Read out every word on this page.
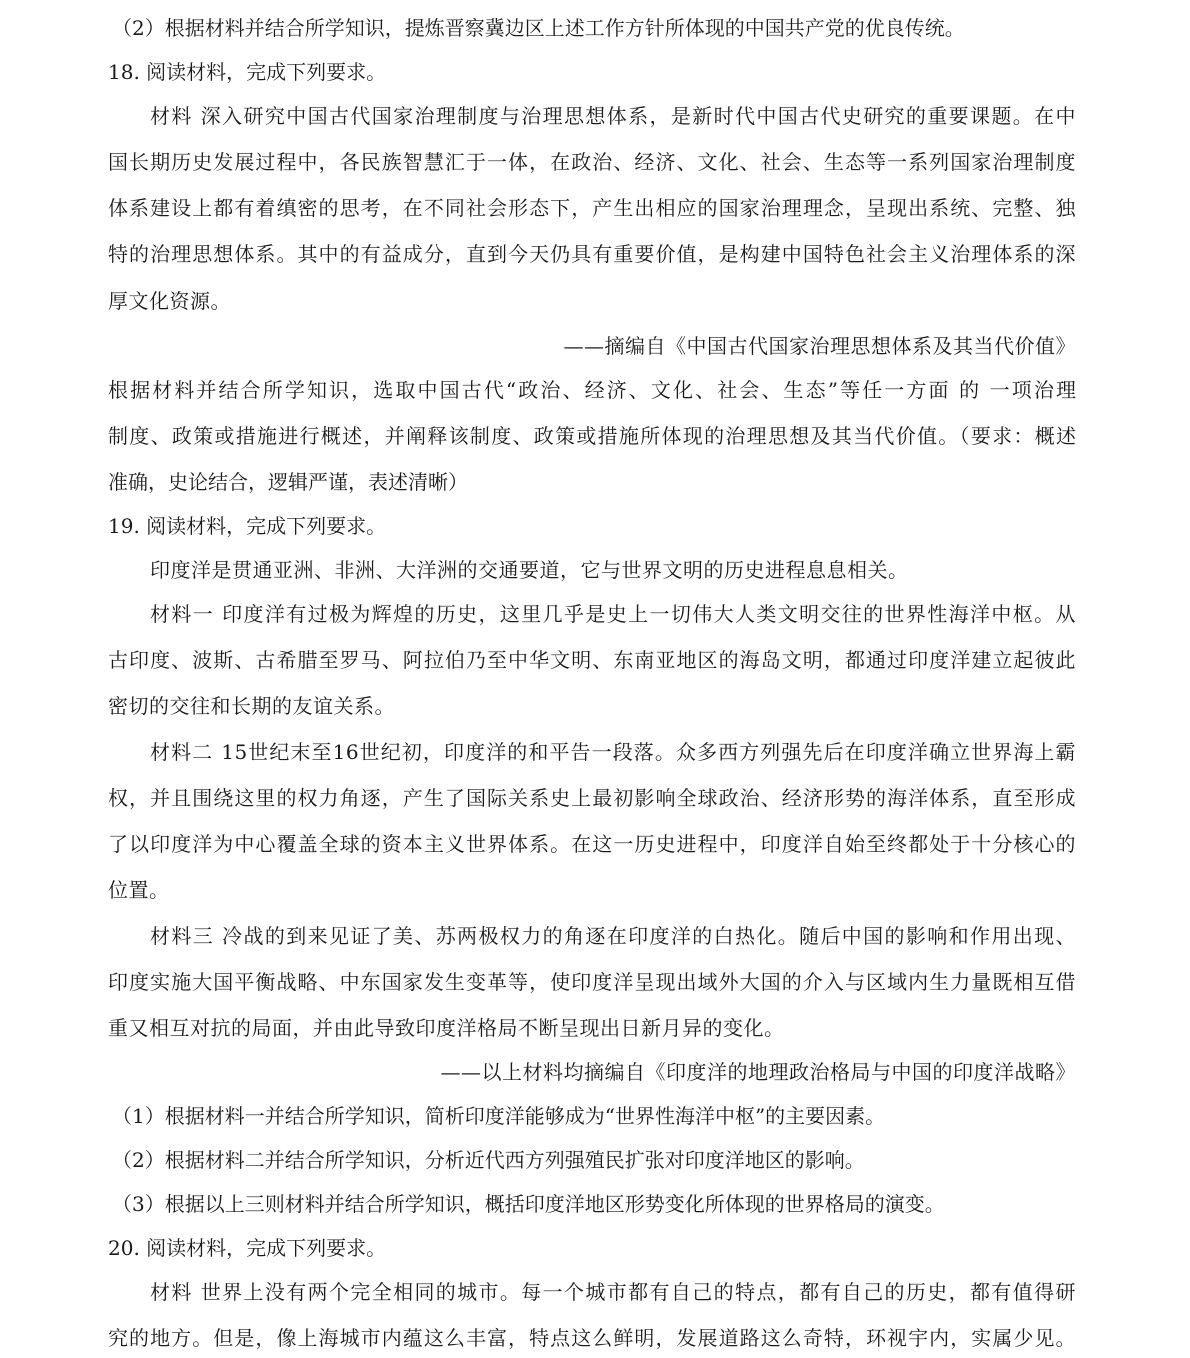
（2）根据材料并结合所学知识，提炼晋察冀边区上述工作方针所体现的中国共产党的优良传统。
18. 阅读材料，完成下列要求。
材料 深入研究中国古代国家治理制度与治理思想体系，是新时代中国古代史研究的重要课题。在中
国长期历史发展过程中，各民族智慧汇于一体，在政治、经济、文化、社会、生态等一系列国家治理制度
体系建设上都有着缜密的思考，在不同社会形态下，产生出相应的国家治理理念，呈现出系统、完整、独
特的治理思想体系。其中的有益成分，直到今天仍具有重要价值，是构建中国特色社会主义治理体系的深
厚文化资源。
——摘编自《中国古代国家治理思想体系及其当代价值》
根据材料并结合所学知识，选取中国古代“政治、经济、文化、社会、生态”等任一方面 的 一项治理
制度、政策或措施进行概述，并阐释该制度、政策或措施所体现的治理思想及其当代价值。（要求：概述
准确，史论结合，逻辑严谨，表述清晰）
19. 阅读材料，完成下列要求。
印度洋是贯通亚洲、非洲、大洋洲的交通要道，它与世界文明的历史进程息息相关。
材料一 印度洋有过极为辉煌的历史，这里几乎是史上一切伟大人类文明交往的世界性海洋中枢。从
古印度、波斯、古希腊至罗马、阿拉伯乃至中华文明、东南亚地区的海岛文明，都通过印度洋建立起彼此
密切的交往和长期的友谊关系。
材料二 15世纪末至16世纪初，印度洋的和平告一段落。众多西方列强先后在印度洋确立世界海上霸
权，并且围绕这里的权力角逐，产生了国际关系史上最初影响全球政治、经济形势的海洋体系，直至形成
了以印度洋为中心覆盖全球的资本主义世界体系。在这一历史进程中，印度洋自始至终都处于十分核心的
位置。
材料三 冷战的到来见证了美、苏两极权力的角逐在印度洋的白热化。随后中国的影响和作用出现、
印度实施大国平衡战略、中东国家发生变革等，使印度洋呈现出域外大国的介入与区域内生力量既相互借
重又相互对抗的局面，并由此导致印度洋格局不断呈现出日新月异的变化。
——以上材料均摘编自《印度洋的地理政治格局与中国的印度洋战略》
（1）根据材料一并结合所学知识，简析印度洋能够成为“世界性海洋中枢”的主要因素。
（2）根据材料二并结合所学知识，分析近代西方列强殖民扩张对印度洋地区的影响。
（3）根据以上三则材料并结合所学知识，概括印度洋地区形势变化所体现的世界格局的演变。
20. 阅读材料，完成下列要求。
材料 世界上没有两个完全相同的城市。每一个城市都有自己的特点，都有自己的历史，都有值得研
究的地方。但是，像上海城市内蕴这么丰富，特点这么鲜明，发展道路这么奇特，环视宇内，实属少见。
